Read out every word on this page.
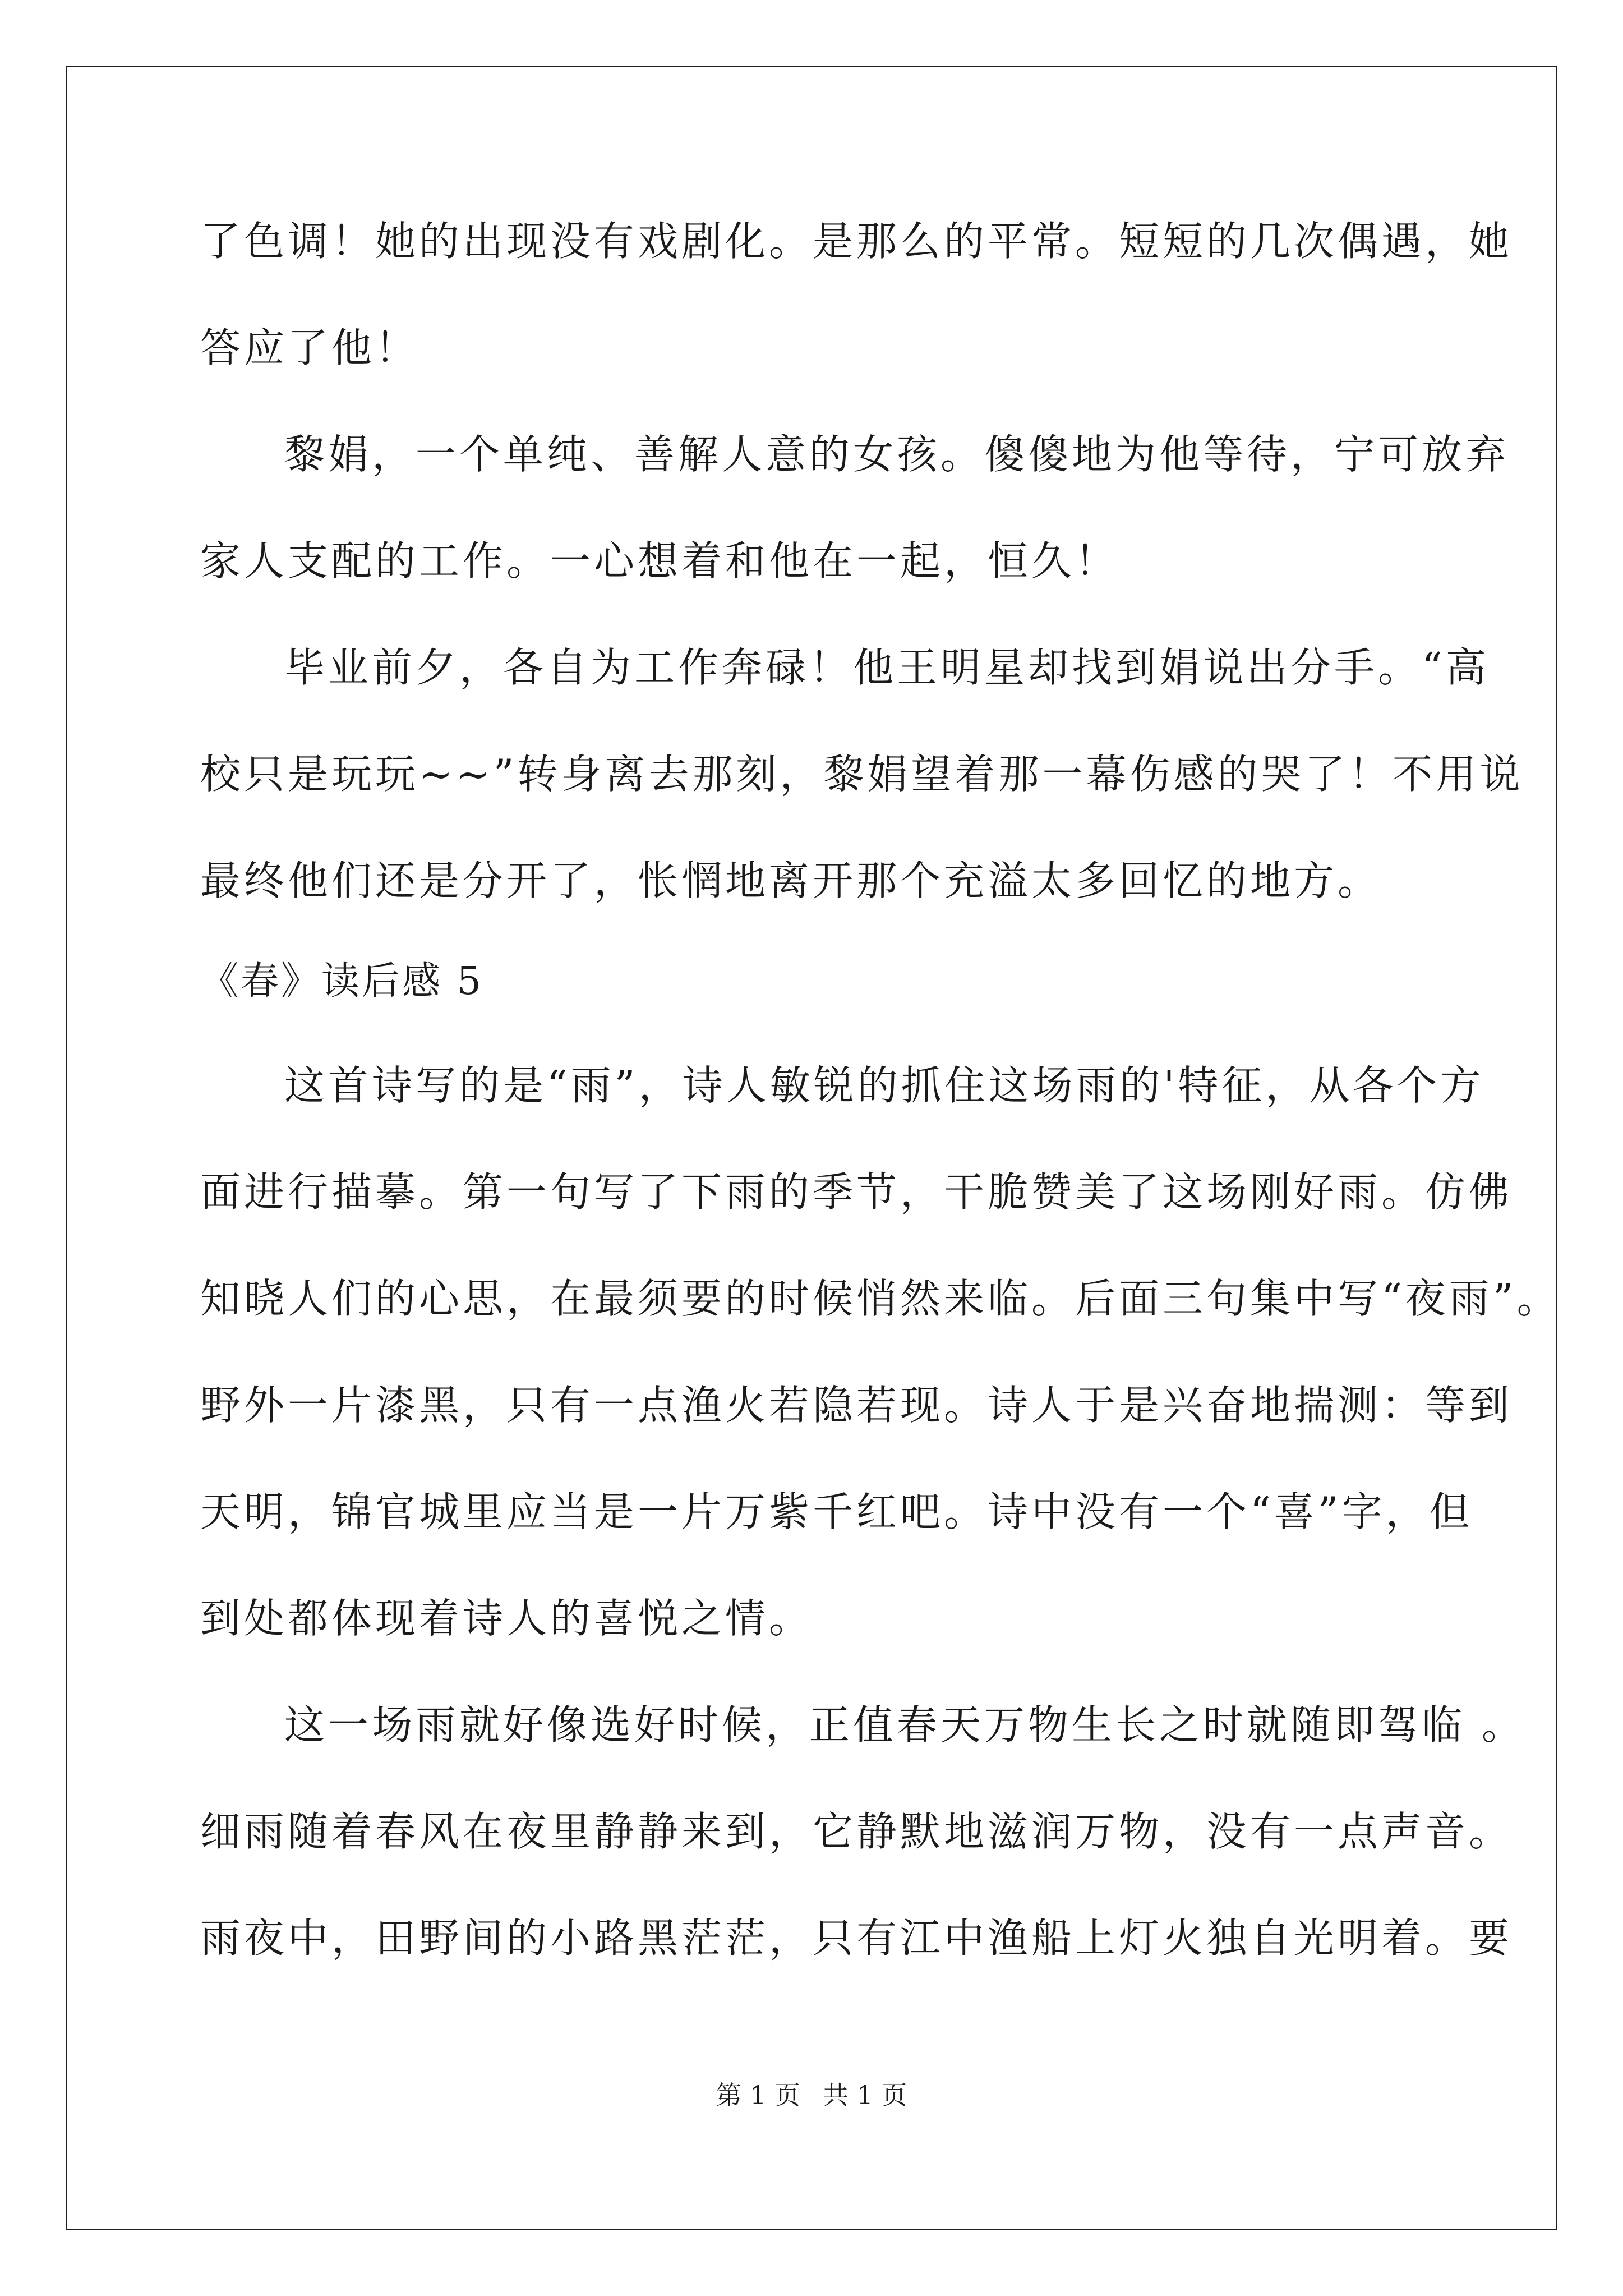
了色调！她的出现没有戏剧化。是那么的平常。短短的几次偶遇，她
答应了他！
黎娟，一个单纯、善解人意的女孩。傻傻地为他等待，宁可放弃
家人支配的工作。一心想着和他在一起，恒久！
毕业前夕，各自为工作奔碌！他王明星却找到娟说出分手。“高
校只是玩玩~~”转身离去那刻，黎娟望着那一幕伤感的哭了！不用说
最终他们还是分开了，怅惘地离开那个充溢太多回忆的地方。
《春》读后感 5
这首诗写的是“雨”，诗人敏锐的抓住这场雨的'特征，从各个方
面进行描摹。第一句写了下雨的季节，干脆赞美了这场刚好雨。仿佛
知晓人们的心思，在最须要的时候悄然来临。后面三句集中写“夜雨”。
野外一片漆黑，只有一点渔火若隐若现。诗人于是兴奋地揣测：等到
天明，锦官城里应当是一片万紫千红吧。诗中没有一个“喜”字，但
到处都体现着诗人的喜悦之情。
这一场雨就好像选好时候，正值春天万物生长之时就随即驾临 。
细雨随着春风在夜里静静来到，它静默地滋润万物，没有一点声音。
雨夜中，田野间的小路黑茫茫，只有江中渔船上灯火独自光明着。要
第 1 页 共 1 页
